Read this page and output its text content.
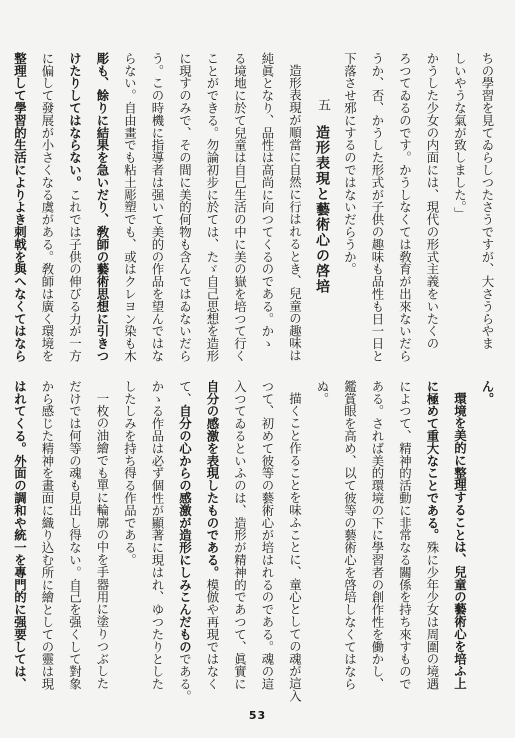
ちの學習を見てゐらしつたさうですが、大さうらやま
しいやうな氣が致しました。」
かうした少女の内面には、現代の形式主義をいたくの
ろつてゐるのです。かうしなくては敎育が出來ないだら
うか、否、かうした形式が子供の趣味も品性も日一日と
下落させ邪にするのではないだらうか。
五造形表現と藝術心の啓培
造形表現が順當に自然に行はれるとき、兒童の趣味は
純眞となり、品性は高尚に向つてくるのである。かゝ
る境地に於て兒童は自己生活の中に美の嶽を培つて行く
ことができる。勿論初步に於ては、たゞ自己思想を造形
に現すのみで、その間に美的何物も含んではゐないだら
う。この時機に指導者は强いて美的の作品を望んではな
らない。自由畫でも粘土彫塑でも、或はクレヨン染も木
彫も、餘りに結果を急いだり、敎師の藝術思想に引きつ
けたりしてはならない。これでは子供の伸びる力が一方
に偏して發展が小さくなる虞がある。敎師は廣く環境を
整理して學習的生活によりよき刺戟を與へなくてはなら
ん。
環境を美的に整理することは、兒童の藝術心を培ふ上
に極めて重大なことである。殊に少年少女は周圍の境遇
によつて、精神的活動に非常なる關係を持ち來すもので
ある。されば美的環境の下に學習者の創作性を働かし、
鑑賞眼を高め、以て彼等の藝術心を啓培しなくてはなら
ぬ。
描くこと作ることを味ふことに、童心としての魂が這入
つて、初めて彼等の藝術心が培はれるのである。魂の這
入つてゐるといふのは、造形が精神的であつて、眞實に
自分の感激を表現したものである。模倣や再現ではなく
て、自分の心からの感激が造形にしみこんだものである。
かゝる作品は必ず個性が顯著に現はれ、ゆつたりとした
したしみを持ち得る作品である。
一枚の油繪でも單に輪廓の中を手器用に塗りつぶした
だけでは何等の魂も見出し得ない。自己を强くして對象
から感じた精神を畫面に織り込む所に繪としての靈は現
はれてくる。外面の調和や統一を專門的に强要しては、
53
